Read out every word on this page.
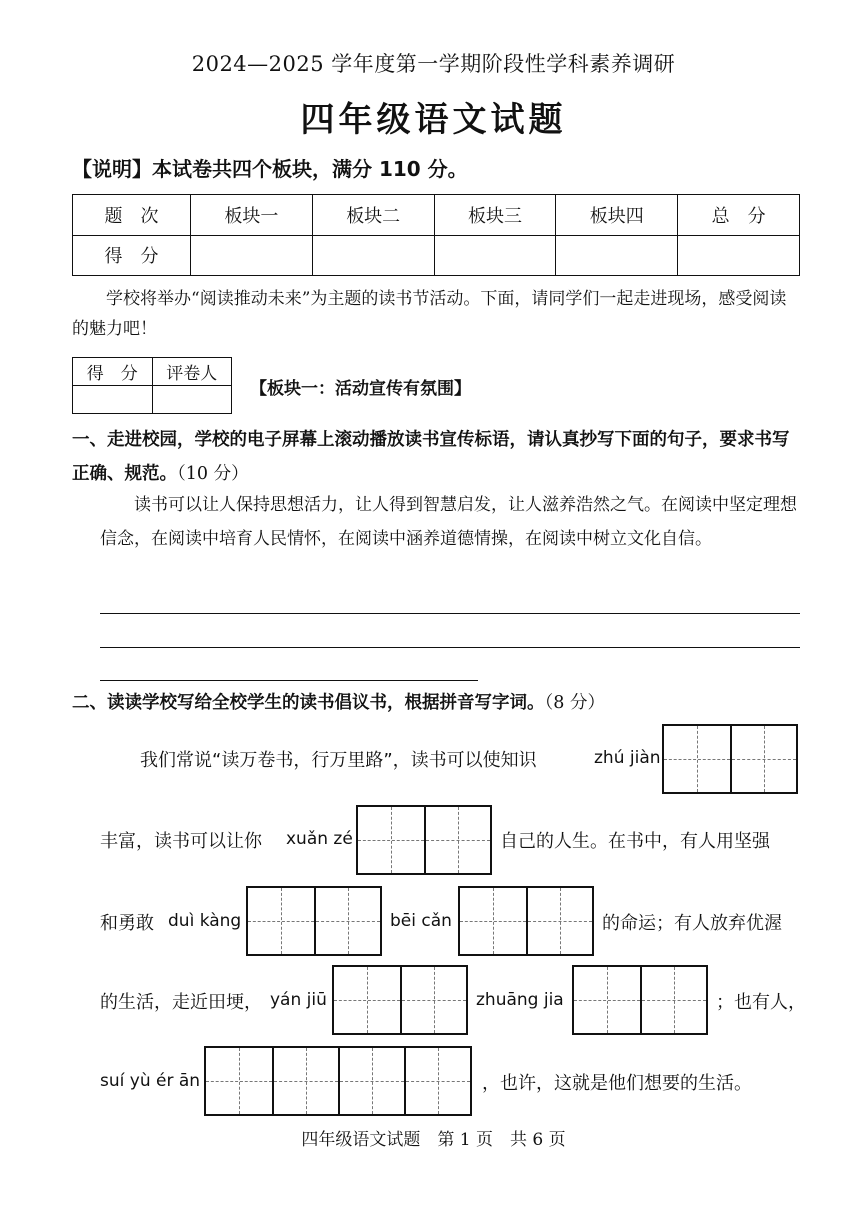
2024—2025 学年度第一学期阶段性学科素养调研
四年级语文试题
【说明】本试卷共四个板块，满分 110 分。
题　次	板块一	板块二	板块三	板块四	总　分
得　分					
学校将举办“阅读推动未来”为主题的读书节活动。下面，请同学们一起走进现场，感受阅读的魅力吧！
得　分	评卷人

【板块一：活动宣传有氛围】
一、走进校园，学校的电子屏幕上滚动播放读书宣传标语，请认真抄写下面的句子，要求书写正确、规范。（10 分）
读书可以让人保持思想活力，让人得到智慧启发，让人滋养浩然之气。在阅读中坚定理想信念，在阅读中培育人民情怀，在阅读中涵养道德情操，在阅读中树立文化自信。
二、读读学校写给全校学生的读书倡议书，根据拼音写字词。（8 分）
我们常说“读万卷书，行万里路”，读书可以使知识	zhú jiàn
丰富，读书可以让你 xuǎn zé	自己的人生。在书中，有人用坚强
和勇敢 duì kàng	bēi cǎn	的命运；有人放弃优渥
的生活，走近田埂， yán jiū	zhuāng jia	；也有人，
suí yù ér ān	，也许，这就是他们想要的生活。
四年级语文试题　第 1 页　共 6 页
